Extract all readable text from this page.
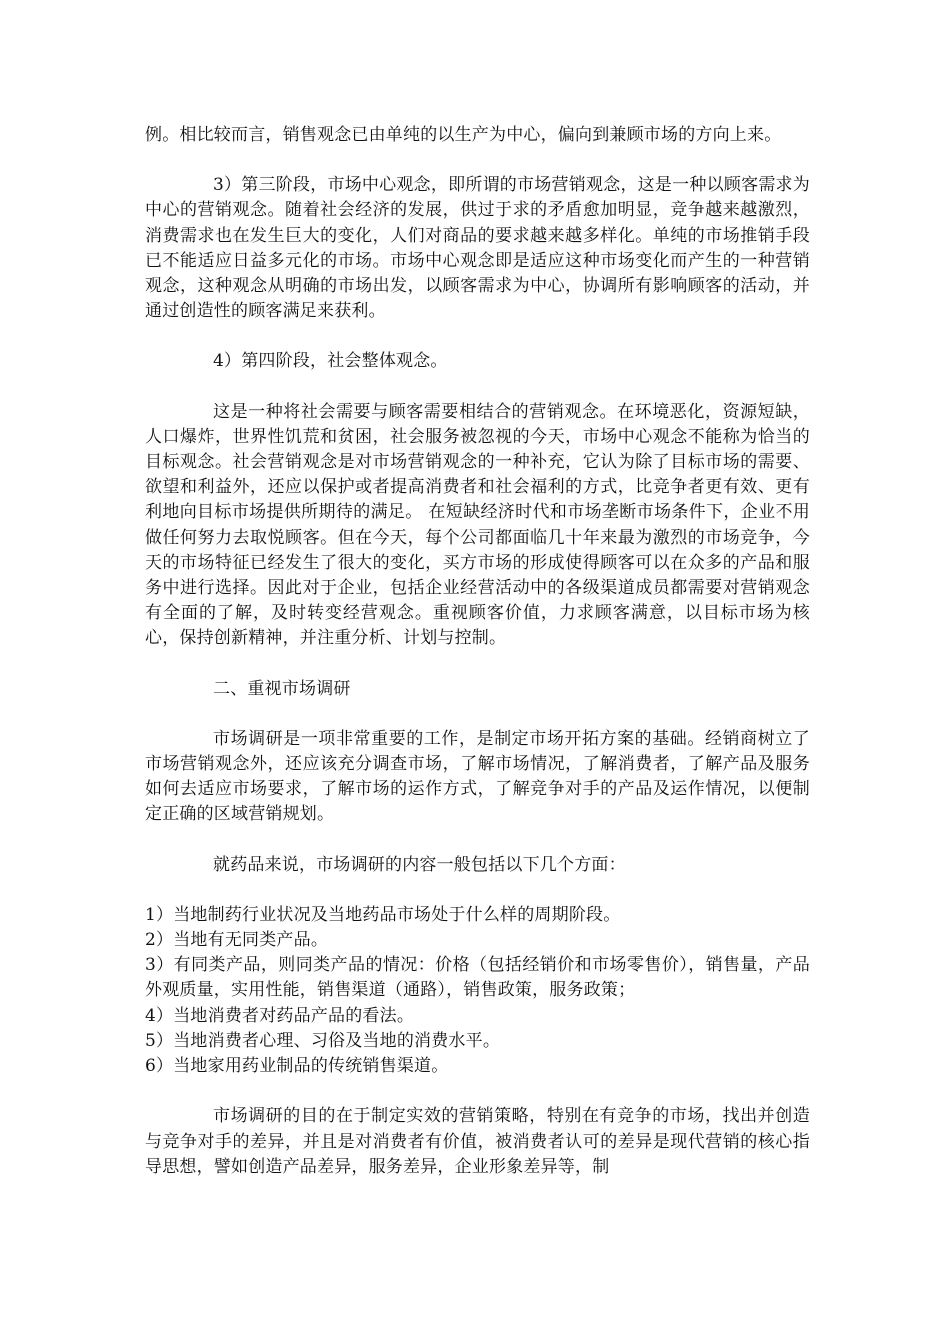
例。相比较而言，销售观念已由单纯的以生产为中心，偏向到兼顾市场的方向上来。

3）第三阶段，市场中心观念，即所谓的市场营销观念，这是一种以顾客需求为中心的营销观念。随着社会经济的发展，供过于求的矛盾愈加明显，竞争越来越激烈，消费需求也在发生巨大的变化，人们对商品的要求越来越多样化。单纯的市场推销手段已不能适应日益多元化的市场。市场中心观念即是适应这种市场变化而产生的一种营销观念，这种观念从明确的市场出发，以顾客需求为中心，协调所有影响顾客的活动，并通过创造性的顾客满足来获利。

4）第四阶段，社会整体观念。

这是一种将社会需要与顾客需要相结合的营销观念。在环境恶化，资源短缺，人口爆炸，世界性饥荒和贫困，社会服务被忽视的今天，市场中心观念不能称为恰当的目标观念。社会营销观念是对市场营销观念的一种补充，它认为除了目标市场的需要、欲望和利益外，还应以保护或者提高消费者和社会福利的方式，比竞争者更有效、更有利地向目标市场提供所期待的满足。 在短缺经济时代和市场垄断市场条件下，企业不用做任何努力去取悦顾客。但在今天，每个公司都面临几十年来最为激烈的市场竞争，今天的市场特征已经发生了很大的变化，买方市场的形成使得顾客可以在众多的产品和服务中进行选择。因此对于企业，包括企业经营活动中的各级渠道成员都需要对营销观念有全面的了解，及时转变经营观念。重视顾客价值，力求顾客满意，以目标市场为核心，保持创新精神，并注重分析、计划与控制。

二、重视市场调研

市场调研是一项非常重要的工作，是制定市场开拓方案的基础。经销商树立了市场营销观念外，还应该充分调查市场，了解市场情况，了解消费者，了解产品及服务如何去适应市场要求，了解市场的运作方式，了解竞争对手的产品及运作情况，以便制定正确的区域营销规划。

就药品来说，市场调研的内容一般包括以下几个方面：

1）当地制药行业状况及当地药品市场处于什么样的周期阶段。
2）当地有无同类产品。
3）有同类产品，则同类产品的情况：价格（包括经销价和市场零售价），销售量，产品外观质量，实用性能，销售渠道（通路），销售政策，服务政策；
4）当地消费者对药品产品的看法。
5）当地消费者心理、习俗及当地的消费水平。
6）当地家用药业制品的传统销售渠道。

市场调研的目的在于制定实效的营销策略，特别在有竞争的市场，找出并创造与竞争对手的差异，并且是对消费者有价值，被消费者认可的差异是现代营销的核心指导思想，譬如创造产品差异，服务差异，企业形象差异等，制
